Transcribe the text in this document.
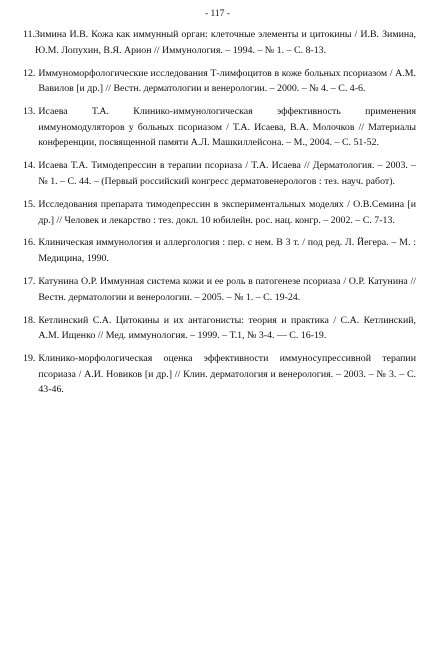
- 117 -
11. Зимина И.В. Кожа как иммунный орган: клеточные элементы и цитокины / И.В. Зимина, Ю.М. Лопухин, В.Я. Арион // Иммунология. – 1994. – № 1. – С. 8-13.
12. Иммуноморфологические исследования Т-лимфоцитов в коже больных псориазом / А.М. Вавилов [и др.] // Вестн. дерматологии и венерологии. – 2000. – № 4. – С. 4-6.
13. Исаева Т.А. Клинико-иммунологическая эффективность применения иммуномодуляторов у больных псориазом / Т.А. Исаева, В.А. Молочков // Материалы конференции, посвященной памяти А.Л. Машкиллейсона. – М., 2004. – С. 51-52.
14. Исаева Т.А. Тимодепрессин в терапии псориаза / Т.А. Исаева // Дерматология. – 2003. – № 1. – С. 44. – (Первый российский конгресс дерматовенерологов : тез. науч. работ).
15. Исследования препарата тимодепрессин в экспериментальных моделях / О.В.Семина [и др.] // Человек и лекарство : тез. докл. 10 юбилейн. рос. нац. конгр. – 2002. – С. 7-13.
16. Клиническая иммунология и аллергология : пер. с нем. В 3 т. / под ред. Л. Йегера. – М. : Медицина, 1990.
17. Катунина О.Р. Иммунная система кожи и ее роль в патогенезе псориаза / О.Р. Катунина // Вестн. дерматологии и венерологии. – 2005. – № 1. – С. 19-24.
18. Кетлинский С.А. Цитокины и их антагонисты: теория и практика / С.А. Кетлинский, А.М. Ищенко // Мед. иммунология. – 1999. – Т.1, № 3-4. — С. 16-19.
19. Клинико-морфологическая оценка эффективности иммуносупрессивной терапии псориаза / А.И. Новиков [и др.] // Клин. дерматология и венерология. – 2003. – № 3. – С. 43-46.
